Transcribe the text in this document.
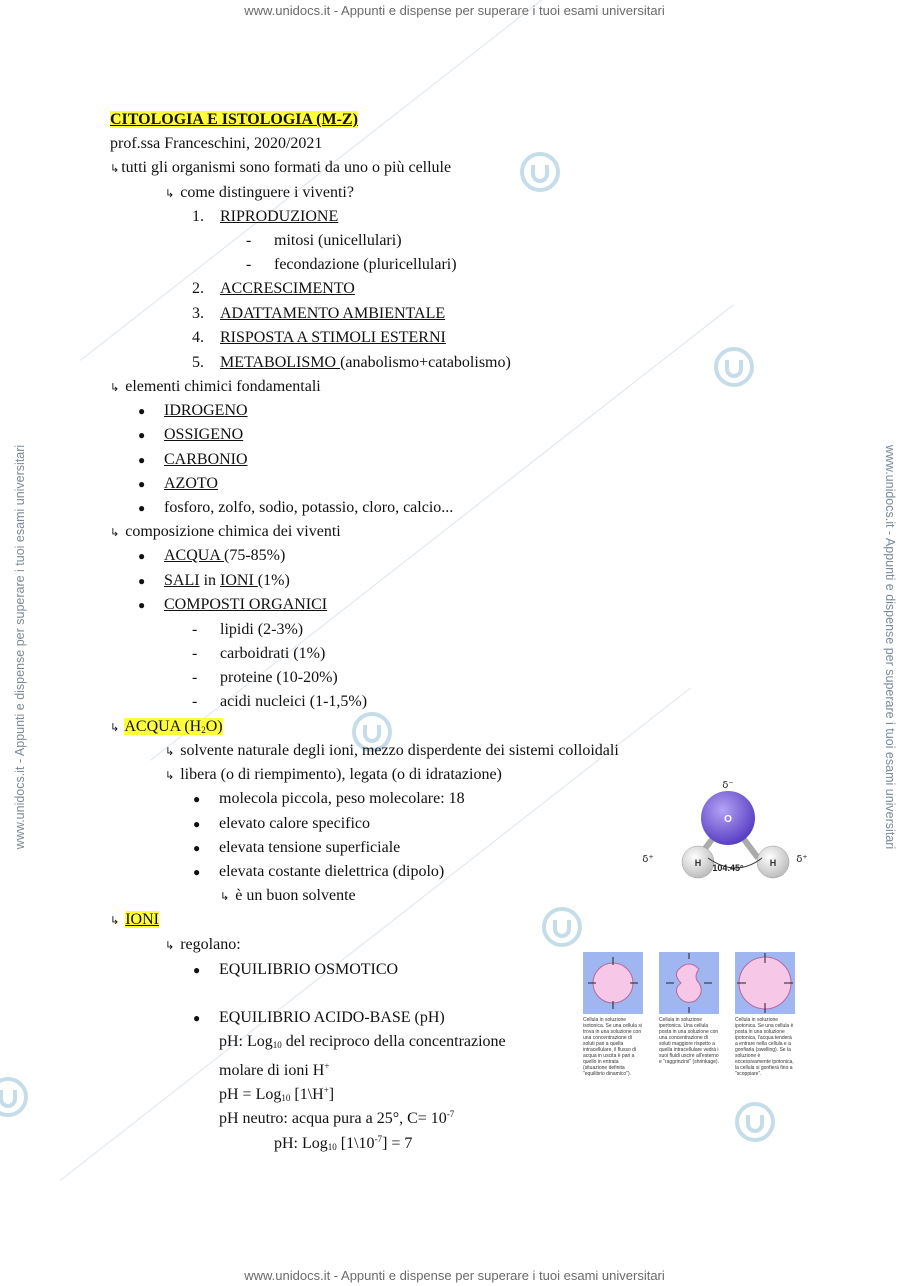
www.unidocs.it - Appunti e dispense per superare i tuoi esami universitari
www.unidocs.it - Appunti e dispense per superare i tuoi esami universitari
www.unidocs.it - Appunti e dispense per superare i tuoi esami universitari	www.unidocs.it - Appunti e dispense per superare i tuoi esami universitari
CITOLOGIA E ISTOLOGIA (M-Z)
prof.ssa Franceschini, 2020/2021
↳ tutti gli organismi sono formati da uno o più cellule
↳ come distinguere i viventi?
1. RIPRODUZIONE
- mitosi (unicellulari)
- fecondazione (pluricellulari)
2. ACCRESCIMENTO
3. ADATTAMENTO AMBIENTALE
4. RISPOSTA A STIMOLI ESTERNI
5. METABOLISMO (anabolismo+catabolismo)
↳ elementi chimici fondamentali
● IDROGENO
● OSSIGENO
● CARBONIO
● AZOTO
● fosforo, zolfo, sodio, potassio, cloro, calcio...
↳ composizione chimica dei viventi
● ACQUA (75-85%)
● SALI in IONI (1%)
● COMPOSTI ORGANICI
- lipidi (2-3%)
- carboidrati (1%)
- proteine (10-20%)
- acidi nucleici (1-1,5%)
↳ ACQUA $(H_2O)$
↳ solvente naturale degli ioni, mezzo disperdente dei sistemi colloidali
↳ libera (o di riempimento), legata (o di idratazione)
● molecola piccola, peso molecolare: 18
● elevato calore specifico
● elevata tensione superficiale
● elevata costante dielettrica (dipolo)
↳ è un buon solvente
↳ IONI
↳ regolano:
● EQUILIBRIO OSMOTICO
● EQUILIBRIO ACIDO-BASE (pH)
pH: Log$_{10}$ del reciproco della concentrazione
molare di ioni H+
pH = Log$_{10}$ [1\H+]
pH neutro: acqua pura a 25°, $C= 10^{-7}$
pH: Log$_{10}$ $[1\backslash 10^{-7}] = 7$
O
H	H
δ⁻
δ⁺	δ⁺
104.45°
Cellula in soluzione isotonica. Se una cellula si trova in una soluzione con una concentrazione di soluti pari a quella intracellulare, il flusso di acqua in uscita è pari a quello in entrata (situazione definita "equilibrio dinamico").
Cellula in soluzione ipertonica. Una cellula posta in una soluzione con una concentrazione di soluti maggiore rispetto a quella intracellulare vedrà i suoi fluidi uscire all'esterno e "raggrinzirsi" (shrinkage).
Cellula in soluzione ipotonica. Se una cellula è posta in una soluzione ipotonica, l'acqua tenderà a entrare nella cellula e a gonfiarla (swelling). Se la soluzione è eccessivamente ipotonica, la cellula si gonfierà fino a "scoppiare".
